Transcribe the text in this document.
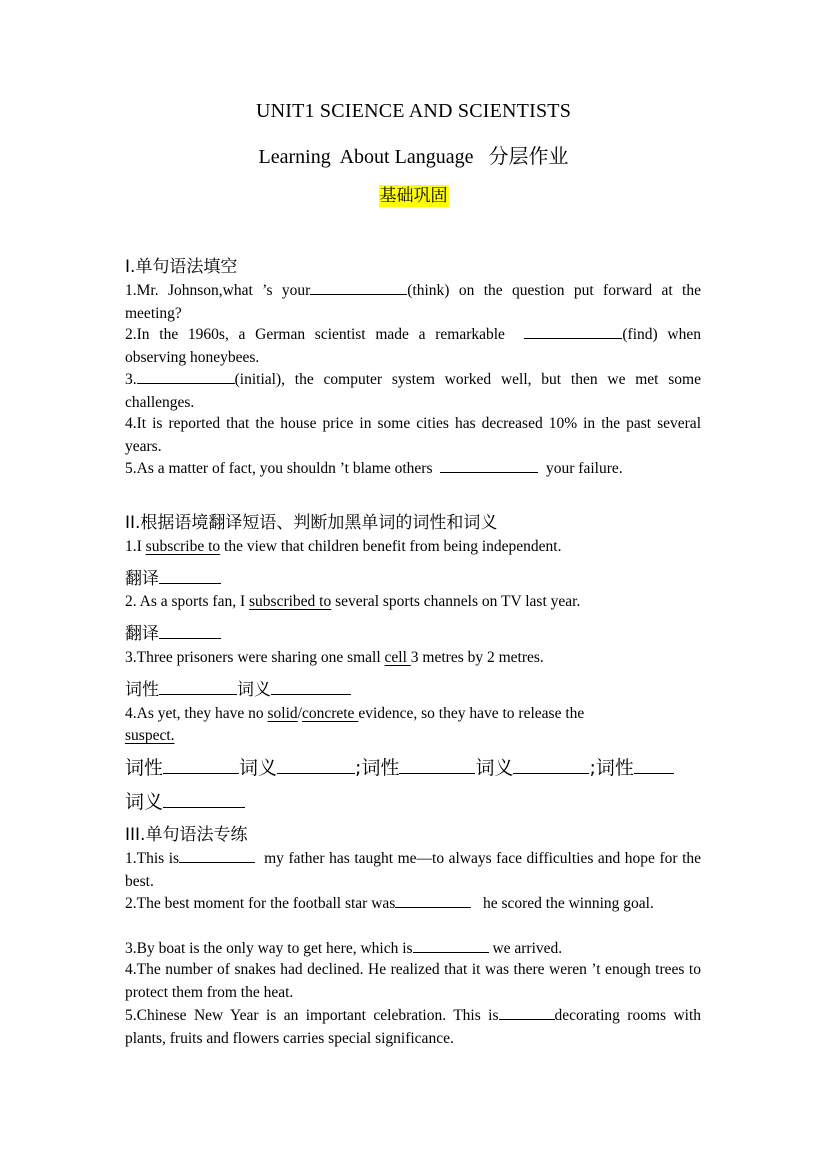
UNIT1 SCIENCE AND SCIENTISTS
Learning  About Language   分层作业
基础巩固
I.单句语法填空
1.Mr. Johnson,what ’s your	(think) on the question put forward at the meeting?
2.In the 1960s, a German scientist made a remarkable	(find) when observing honeybees.
3.	(initial), the computer system worked well, but then we met some challenges.
4.It is reported that the house price in some cities has decreased 10% in the past several years.
5.As a matter of fact, you shouldn ’t blame others	your failure.
II.根据语境翻译短语、判断加黑单词的词性和词义
1.I subscribe to the view that children benefit from being independent.
翻译
2. As a sports fan, I subscribed to several sports channels on TV last year.
翻译
3.Three prisoners were sharing one small cell 3 metres by 2 metres.
词性	词义
4.As yet, they have no solid/concrete evidence, so they have to release the
suspect.
词性	词义	;词性	词义	;词性
词义
III.单句语法专练
1.This is	my father has taught me—to always face difficulties and hope for the best.
2.The best moment for the football star was	he scored the winning goal.
3.By boat is the only way to get here, which is	we arrived.
4.The number of snakes had declined. He realized that it was there weren ’t enough trees to protect them from the heat.
5.Chinese New Year is an important celebration. This is	decorating rooms with plants, fruits and flowers carries special significance.
